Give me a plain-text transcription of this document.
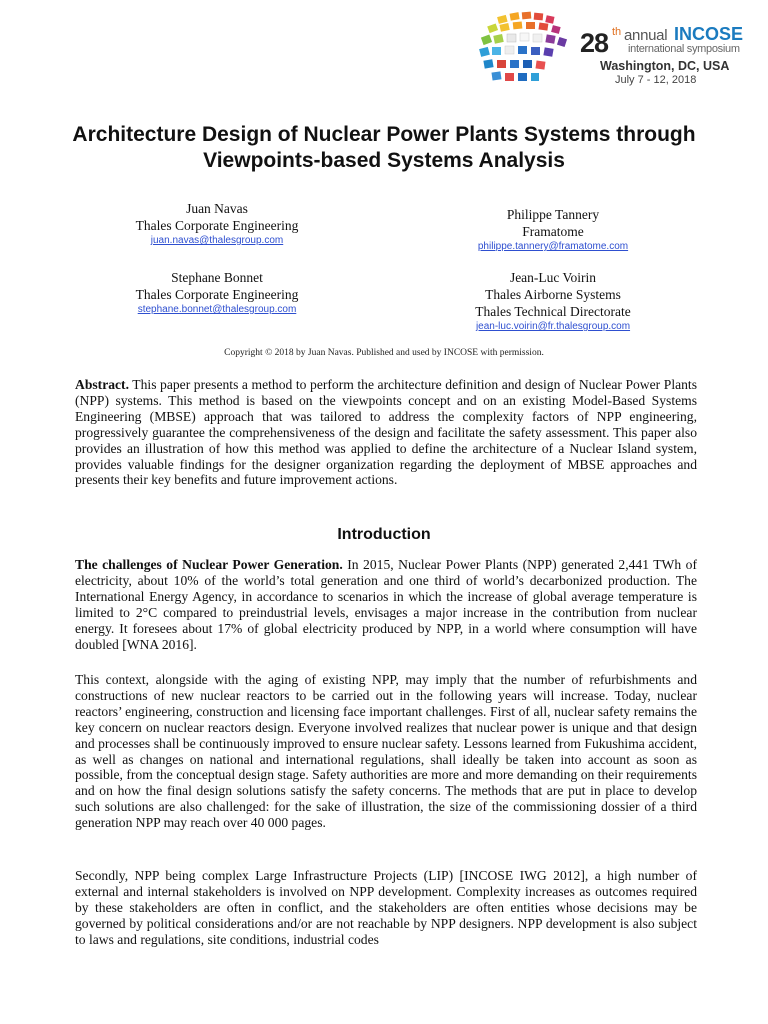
28 th annual INCOSE
international symposium
Washington, DC, USA
July 7 - 12, 2018
Architecture Design of Nuclear Power Plants Systems through Viewpoints-based Systems Analysis
Juan Navas
Thales Corporate Engineering
juan.navas@thalesgroup.com
Philippe Tannery
Framatome
philippe.tannery@framatome.com
Stephane Bonnet
Thales Corporate Engineering
stephane.bonnet@thalesgroup.com
Jean-Luc Voirin
Thales Airborne Systems
Thales Technical Directorate
jean-luc.voirin@fr.thalesgroup.com
Copyright © 2018 by Juan Navas. Published and used by INCOSE with permission.

Abstract. This paper presents a method to perform the architecture definition and design of Nuclear Power Plants (NPP) systems. This method is based on the viewpoints concept and on an existing Model-Based Systems Engineering (MBSE) approach that was tailored to address the complexity factors of NPP engineering, progressively guarantee the comprehensiveness of the design and facilitate the safety assessment. This paper also provides an illustration of how this method was applied to define the architecture of a Nuclear Island system, provides valuable findings for the designer organization regarding the deployment of MBSE approaches and presents their key benefits and future improvement actions.

Introduction

The challenges of Nuclear Power Generation. In 2015, Nuclear Power Plants (NPP) generated 2,441 TWh of electricity, about 10% of the world’s total generation and one third of world’s decarbonized production. The International Energy Agency, in accordance to scenarios in which the increase of global average temperature is limited to 2°C compared to preindustrial levels, envisages a major increase in the contribution from nuclear energy. It foresees about 17% of global electricity produced by NPP, in a world where consumption will have doubled [WNA 2016].

This context, alongside with the aging of existing NPP, may imply that the number of refurbishments and constructions of new nuclear reactors to be carried out in the following years will increase. Today, nuclear reactors’ engineering, construction and licensing face important challenges. First of all, nuclear safety remains the key concern on nuclear reactors design. Everyone involved realizes that nuclear power is unique and that design and processes shall be continuously improved to ensure nuclear safety. Lessons learned from Fukushima accident, as well as changes on national and international regulations, shall ideally be taken into account as soon as possible, from the conceptual design stage. Safety authorities are more and more demanding on their requirements and on how the final design solutions satisfy the safety concerns. The methods that are put in place to develop such solutions are also challenged: for the sake of illustration, the size of the commissioning dossier of a third generation NPP may reach over 40 000 pages.

Secondly, NPP being complex Large Infrastructure Projects (LIP) [INCOSE IWG 2012], a high number of external and internal stakeholders is involved on NPP development. Complexity increases as outcomes required by these stakeholders are often in conflict, and the stakeholders are often entities whose decisions may be governed by political considerations and/or are not reachable by NPP designers. NPP development is also subject to laws and regulations, site conditions, industrial codes
